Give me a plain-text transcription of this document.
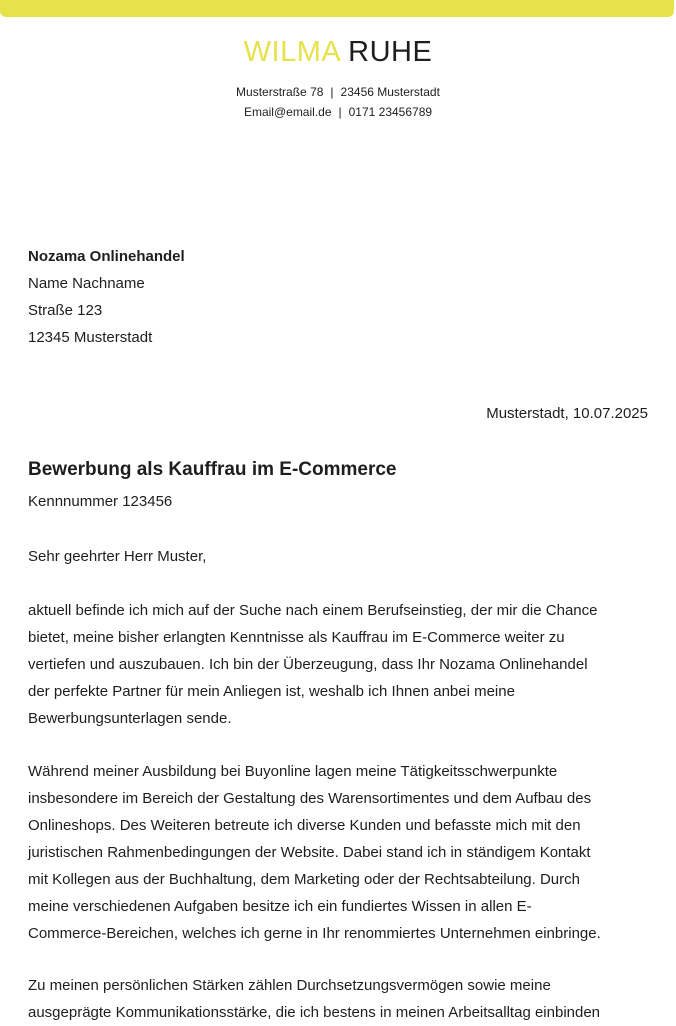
WILMA RUHE
Musterstraße 78 | 23456 Musterstadt
Email@email.de | 0171 23456789
Nozama Onlinehandel
Name Nachname
Straße 123
12345 Musterstadt
Musterstadt, 10.07.2025
Bewerbung als Kauffrau im E-Commerce
Kennnummer 123456
Sehr geehrter Herr Muster,
aktuell befinde ich mich auf der Suche nach einem Berufseinstieg, der mir die Chance
bietet, meine bisher erlangten Kenntnisse als Kauffrau im E-Commerce weiter zu
vertiefen und auszubauen. Ich bin der Überzeugung, dass Ihr Nozama Onlinehandel
der perfekte Partner für mein Anliegen ist, weshalb ich Ihnen anbei meine
Bewerbungsunterlagen sende.
Während meiner Ausbildung bei Buyonline lagen meine Tätigkeitsschwerpunkte
insbesondere im Bereich der Gestaltung des Warensortimentes und dem Aufbau des
Onlineshops. Des Weiteren betreute ich diverse Kunden und befasste mich mit den
juristischen Rahmenbedingungen der Website. Dabei stand ich in ständigem Kontakt
mit Kollegen aus der Buchhaltung, dem Marketing oder der Rechtsabteilung. Durch
meine verschiedenen Aufgaben besitze ich ein fundiertes Wissen in allen E-
Commerce-Bereichen, welches ich gerne in Ihr renommiertes Unternehmen einbringe.
Zu meinen persönlichen Stärken zählen Durchsetzungsvermögen sowie meine
ausgeprägte Kommunikationsstärke, die ich bestens in meinen Arbeitsalltag einbinden
